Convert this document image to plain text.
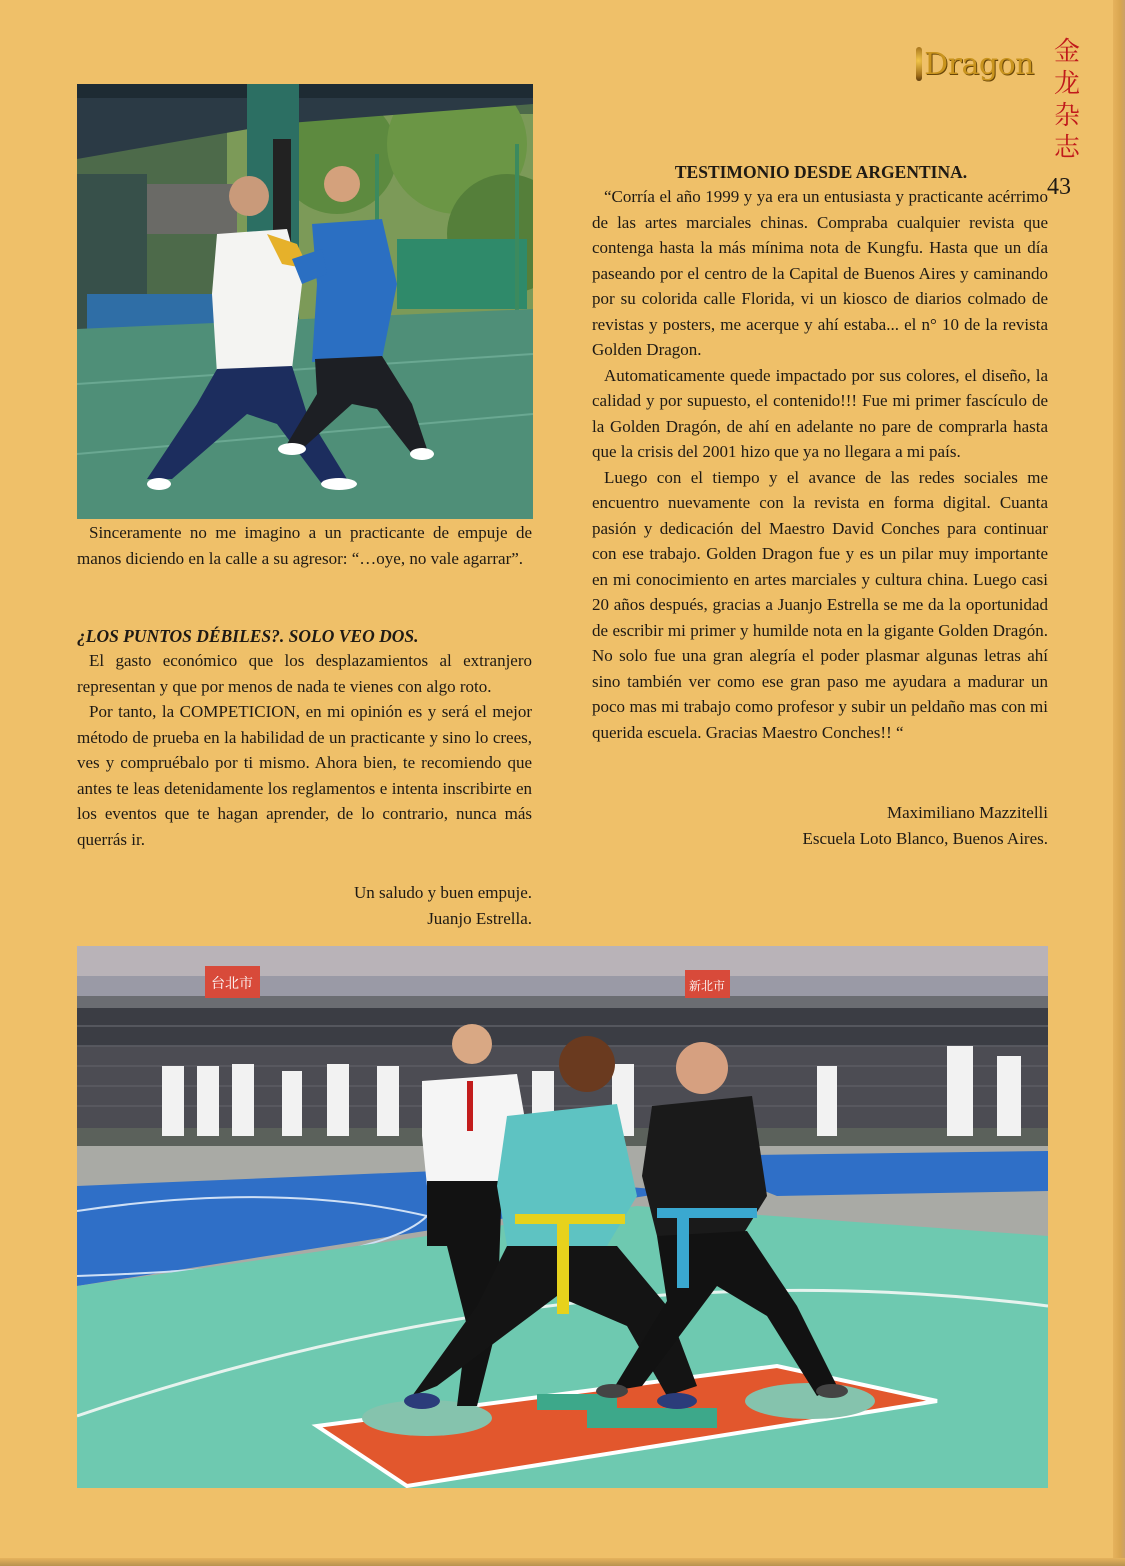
Dragon 金
龙
杂
志
43

Sinceramente no me imagino a un practicante de empuje de manos diciendo en la calle a su agresor: “…oye, no vale agarrar”.

¿LOS PUNTOS DÉBILES?. SOLO VEO DOS.

El gasto económico que los desplazamientos al extranjero representan y que por menos de nada te vienes con algo roto.

Por tanto, la COMPETICION, en mi opinión es y será el mejor método de prueba en la habilidad de un practicante y sino lo crees, ves y compruébalo por ti mismo. Ahora bien, te recomiendo que antes te leas detenidamente los reglamentos e intenta inscribirte en los eventos que te hagan aprender, de lo contrario, nunca más querrás ir.

Un saludo y buen empuje.
Juanjo Estrella.
TESTIMONIO DESDE ARGENTINA.

“Corría el año 1999 y ya era un entusiasta y practicante acérrimo de las artes marciales chinas. Compraba cualquier revista que contenga hasta la más mínima nota de Kungfu. Hasta que un día paseando por el centro de la Capital de Buenos Aires y caminando por su colorida calle Florida, vi un kiosco de diarios colmado de revistas y posters, me acerque y ahí estaba... el n° 10 de la revista Golden Dragon.

Automaticamente quede impactado por sus colores, el diseño, la calidad y por supuesto, el contenido!!! Fue mi primer fascículo de la Golden Dragón, de ahí en adelante no pare de comprarla hasta que la crisis del 2001 hizo que ya no llegara a mi país.

Luego con el tiempo y el avance de las redes sociales me encuentro nuevamente con la revista en forma digital. Cuanta pasión y dedicación del Maestro David Conches para continuar con ese trabajo. Golden Dragon fue y es un pilar muy importante en mi conocimiento en artes marciales y cultura china. Luego casi 20 años después, gracias a Juanjo Estrella se me da la oportunidad de escribir mi primer y humilde nota en la gigante Golden Dragón. No solo fue una gran alegría el poder plasmar algunas letras ahí sino también ver como ese gran paso me ayudara a madurar un poco mas mi trabajo como profesor y subir un peldaño mas con mi querida escuela. Gracias Maestro Conches!! “

Maximiliano Mazzitelli
Escuela Loto Blanco, Buenos Aires.
台北市	新北市
